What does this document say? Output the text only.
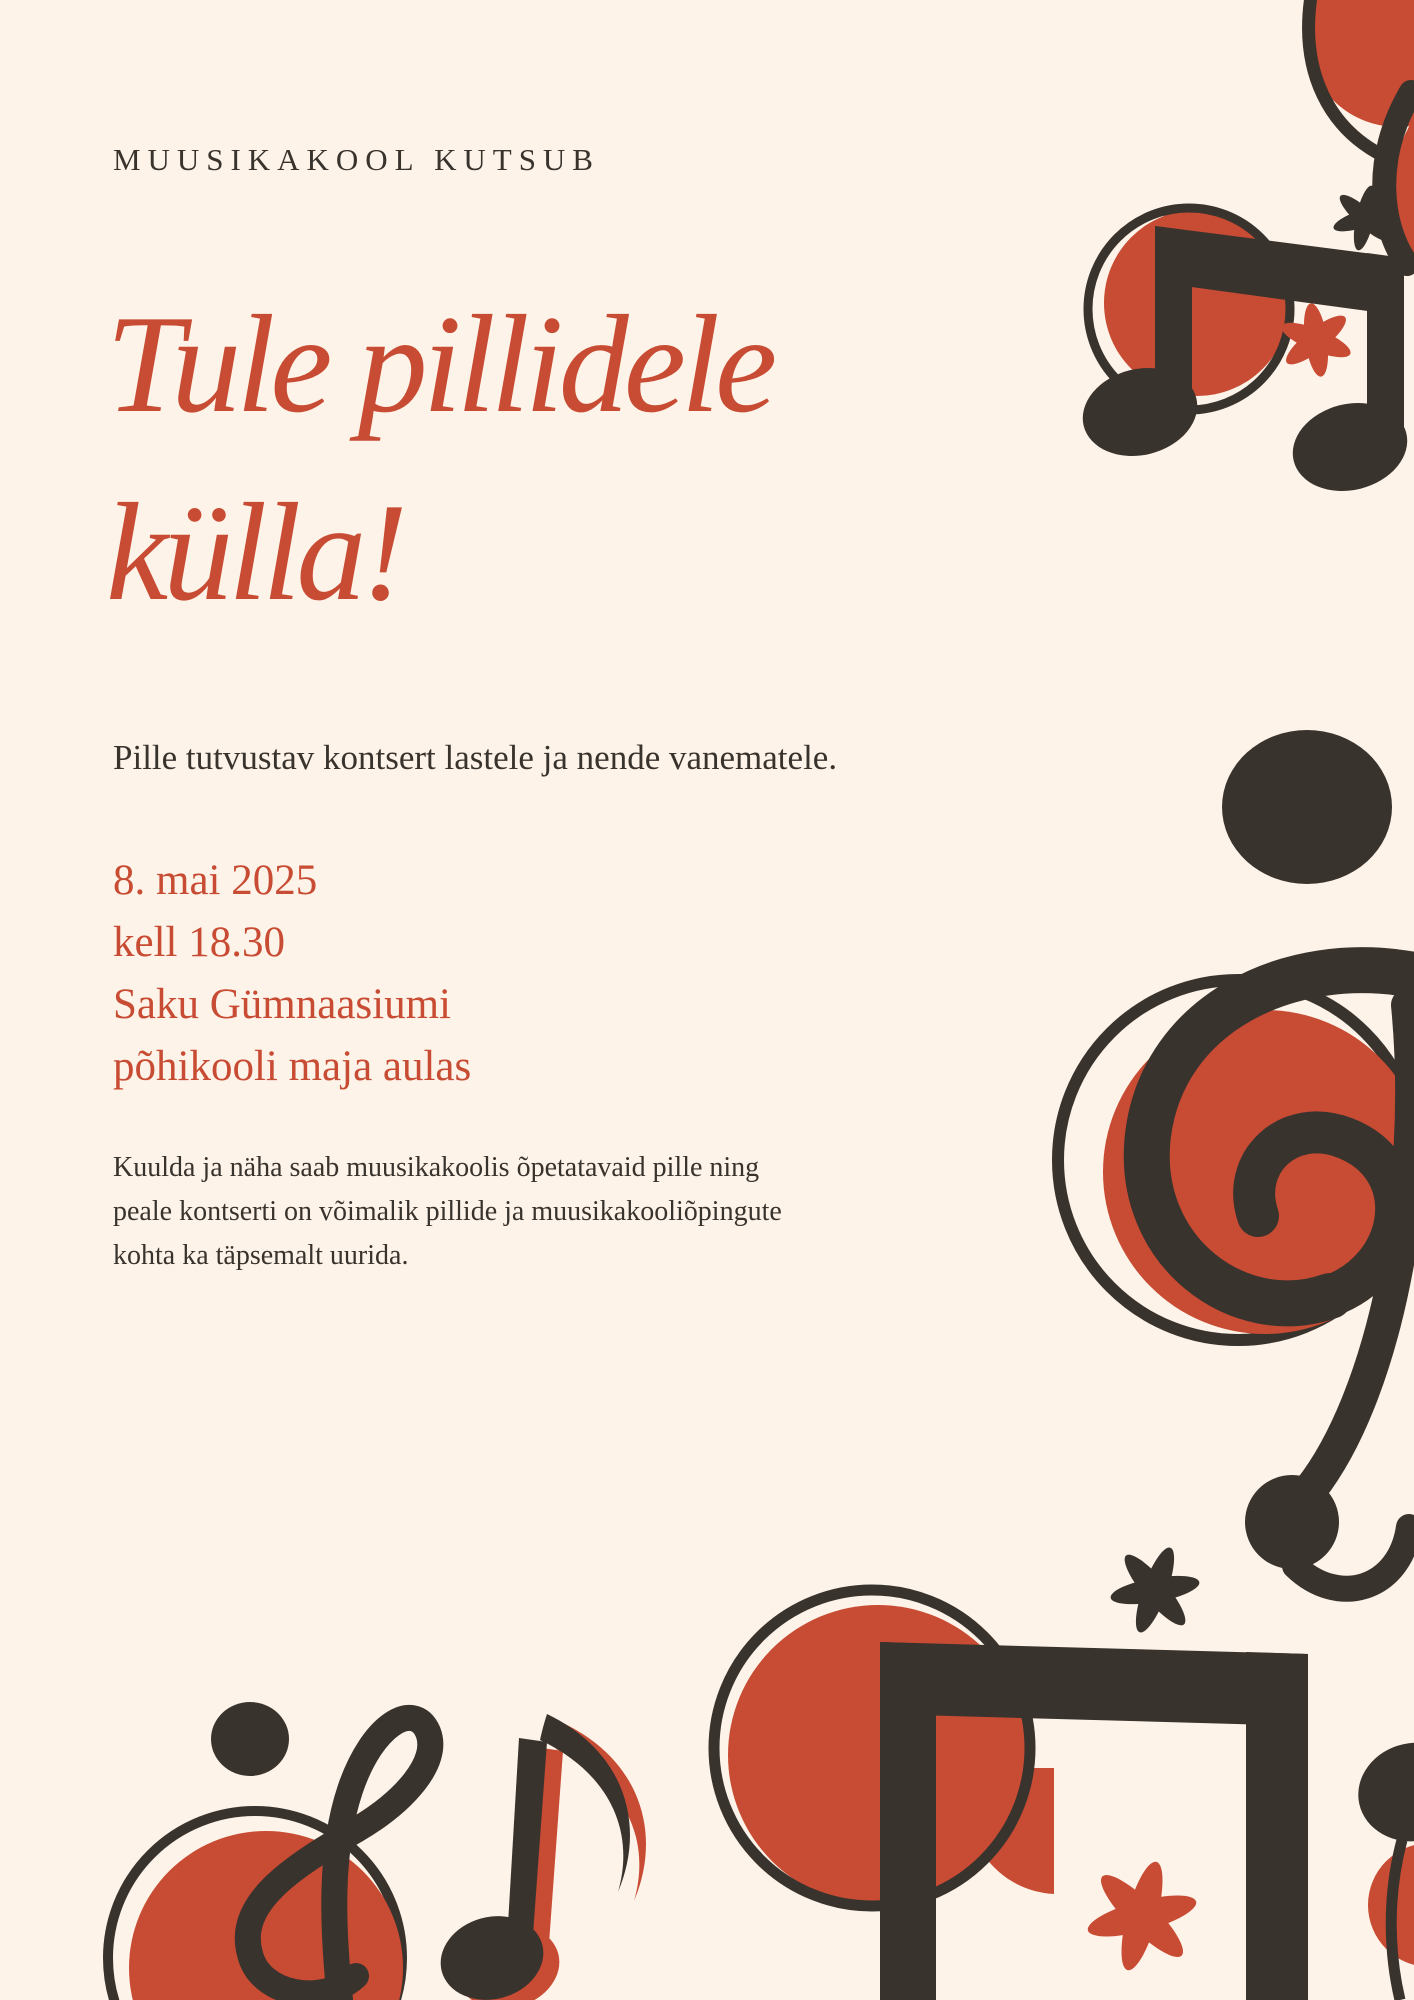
MUUSIKAKOOL KUTSUB
Tule pillidele
külla!
Pille tutvustav kontsert lastele ja nende vanematele.
8. mai 2025
kell 18.30
Saku Gümnaasiumi
põhikooli maja aulas
Kuulda ja näha saab muusikakoolis õpetatavaid pille ning
peale kontserti on võimalik pillide ja muusikakooliõpingute
kohta ka täpsemalt uurida.
